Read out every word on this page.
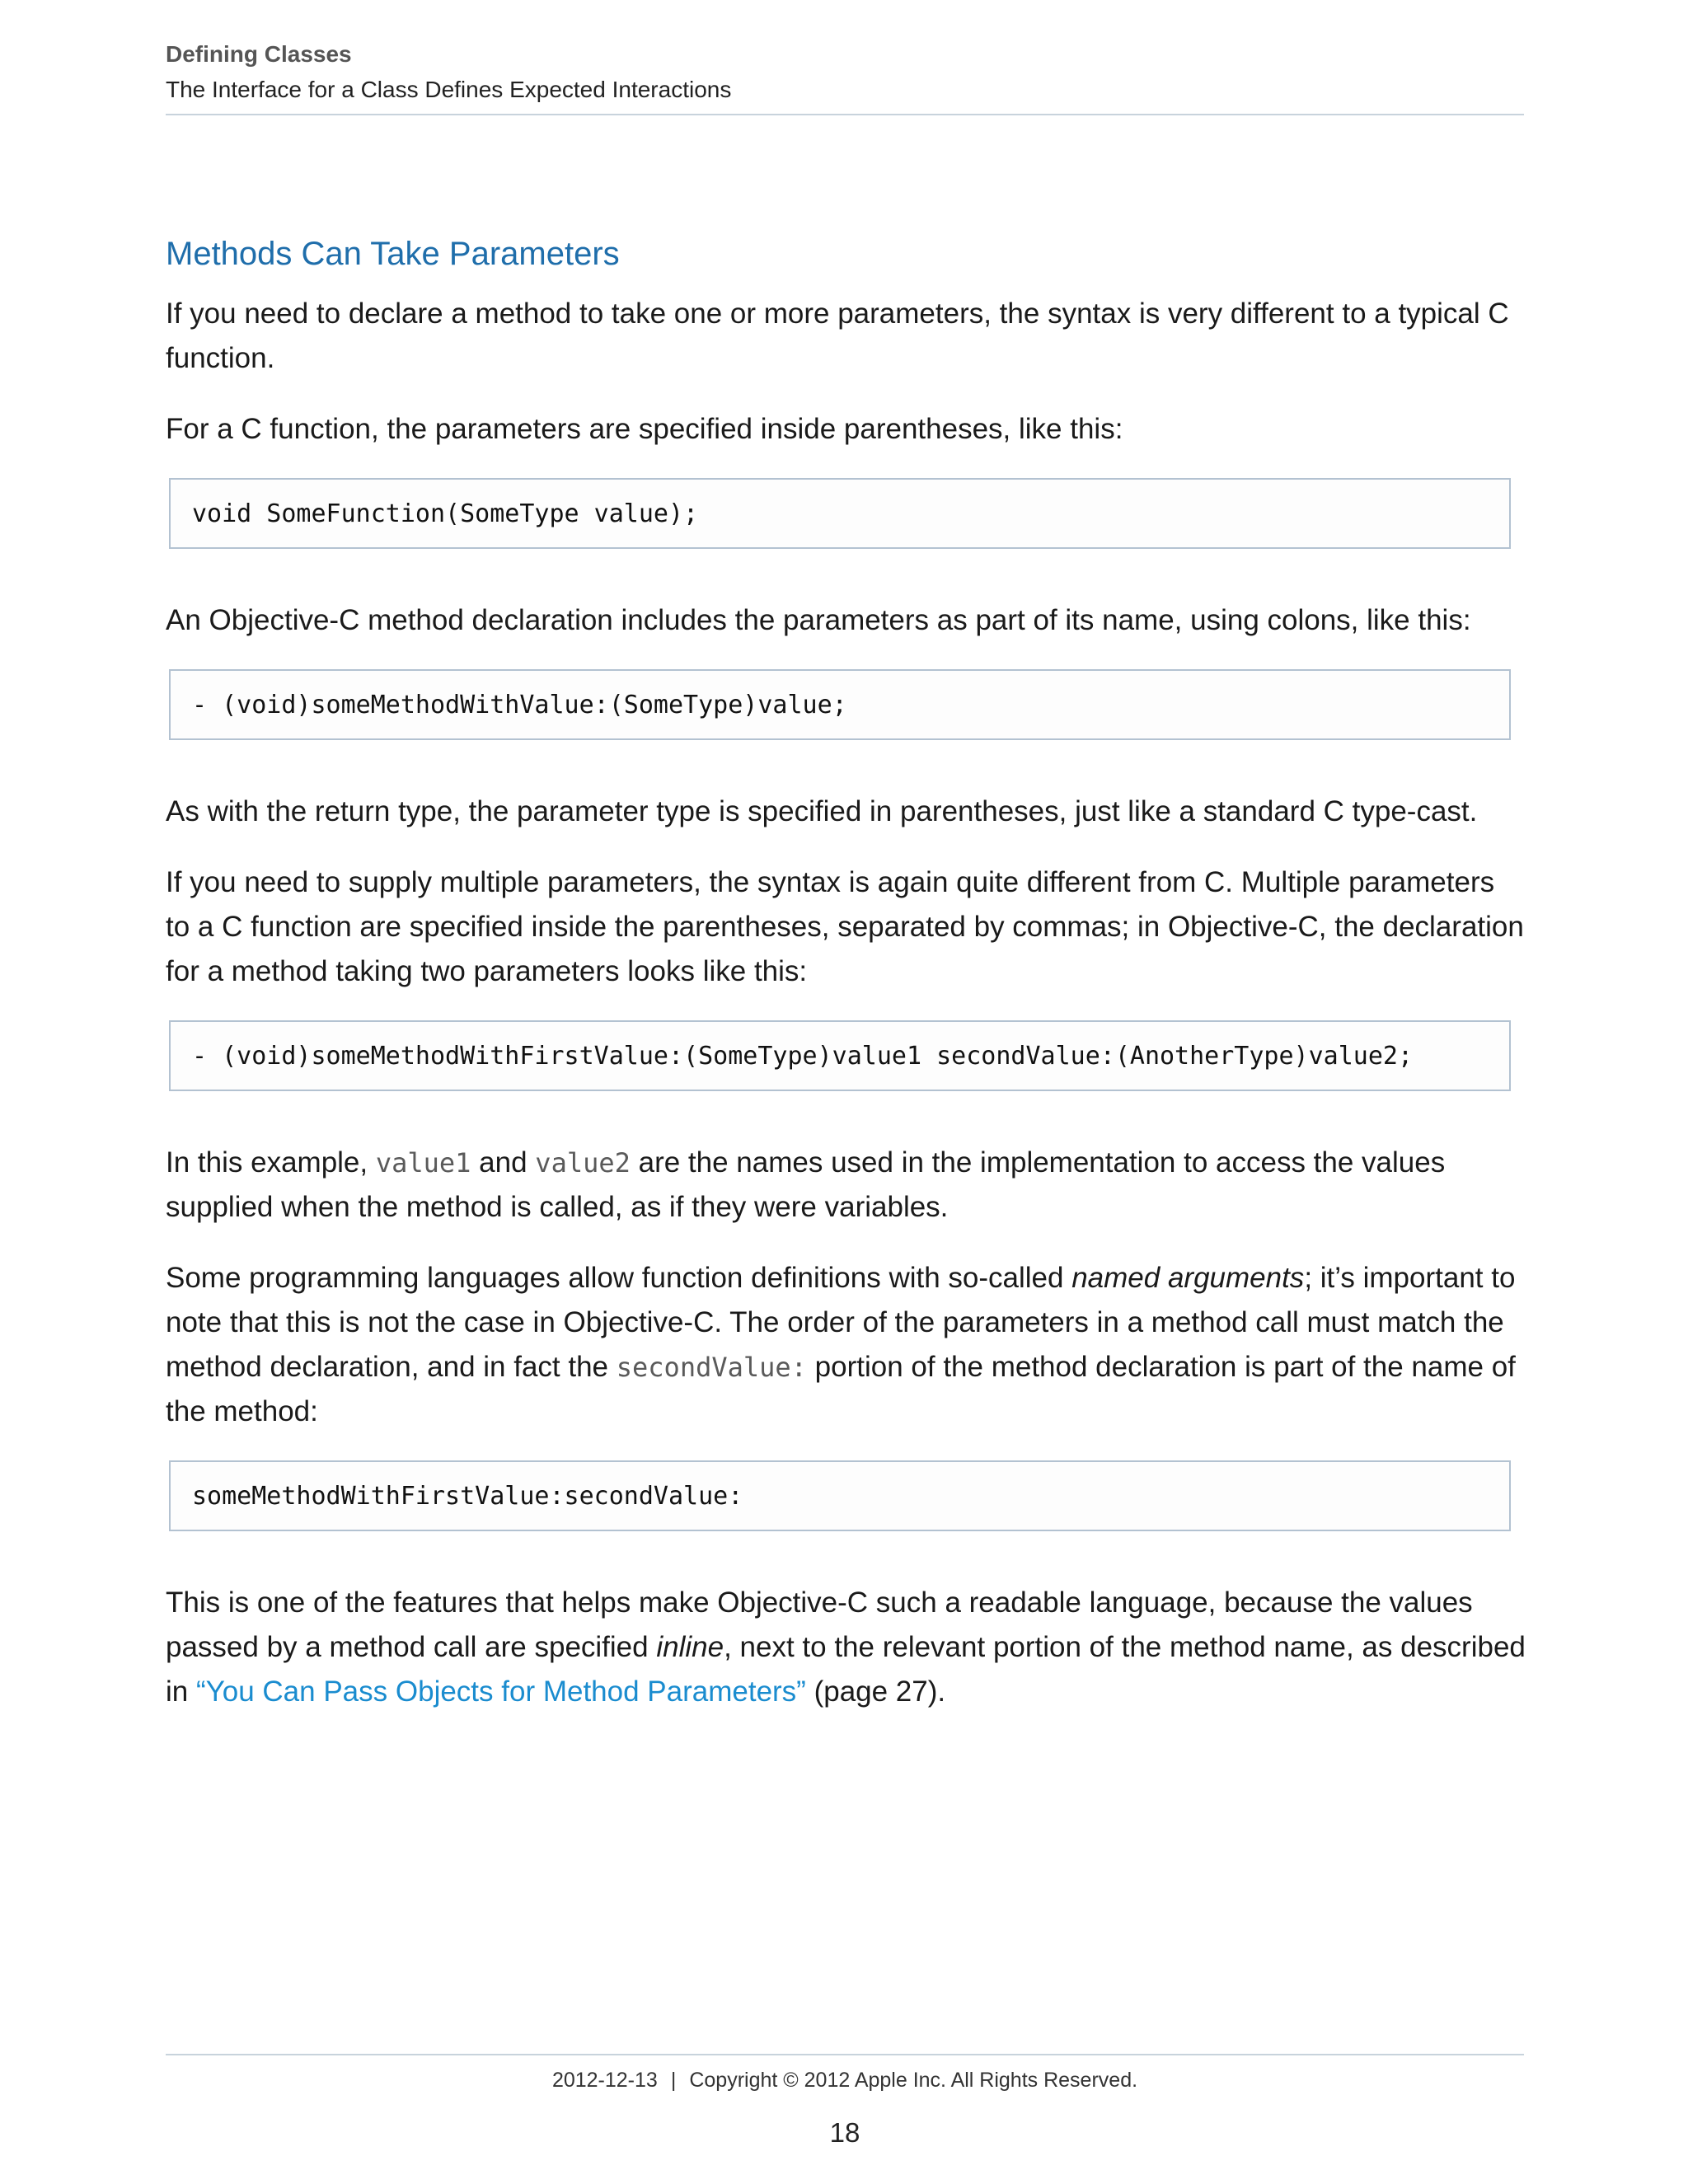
Defining Classes
The Interface for a Class Defines Expected Interactions
Methods Can Take Parameters

If you need to declare a method to take one or more parameters, the syntax is very different to a typical C function.

For a C function, the parameters are specified inside parentheses, like this:

void SomeFunction(SomeType value);

An Objective-C method declaration includes the parameters as part of its name, using colons, like this:

- (void)someMethodWithValue:(SomeType)value;

As with the return type, the parameter type is specified in parentheses, just like a standard C type-cast.

If you need to supply multiple parameters, the syntax is again quite different from C. Multiple parameters to a C function are specified inside the parentheses, separated by commas; in Objective-C, the declaration for a method taking two parameters looks like this:

- (void)someMethodWithFirstValue:(SomeType)value1 secondValue:(AnotherType)value2;

In this example, value1 and value2 are the names used in the implementation to access the values supplied when the method is called, as if they were variables.

Some programming languages allow function definitions with so-called named arguments; it’s important to note that this is not the case in Objective-C. The order of the parameters in a method call must match the method declaration, and in fact the secondValue: portion of the method declaration is part of the name of the method:

someMethodWithFirstValue:secondValue:

This is one of the features that helps make Objective-C such a readable language, because the values passed by a method call are specified inline, next to the relevant portion of the method name, as described in “You Can Pass Objects for Method Parameters” (page 27).

2012-12-13 | Copyright © 2012 Apple Inc. All Rights Reserved.
18
